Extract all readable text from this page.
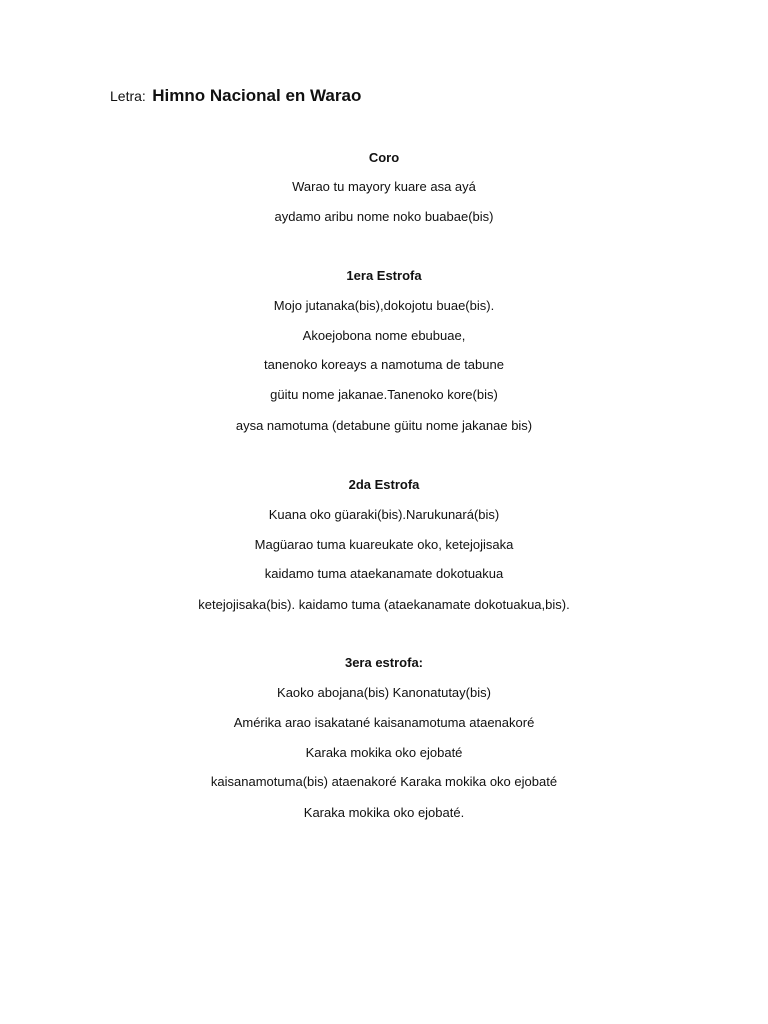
Letra: Himno Nacional en Warao
Coro
Warao tu mayory kuare asa ayá
aydamo aribu nome noko buabae(bis)
1era Estrofa
Mojo jutanaka(bis),dokojotu buae(bis).
Akoejobona nome ebubuae,
tanenoko koreays a namotuma de tabune
güitu nome jakanae.Tanenoko kore(bis)
aysa namotuma (detabune güitu nome jakanae bis)
2da Estrofa
Kuana oko güaraki(bis).Narukunará(bis)
Magüarao tuma kuareukate oko, ketejojisaka
kaidamo tuma ataekanamate dokotuakua
ketejojisaka(bis). kaidamo tuma (ataekanamate dokotuakua,bis).
3era estrofa:
Kaoko abojana(bis) Kanonatutay(bis)
Amérika arao isakatané kaisanamotuma ataenakoré
Karaka mokika oko ejobaté
kaisanamotuma(bis) ataenakoré Karaka mokika oko ejobaté
Karaka mokika oko ejobaté.
